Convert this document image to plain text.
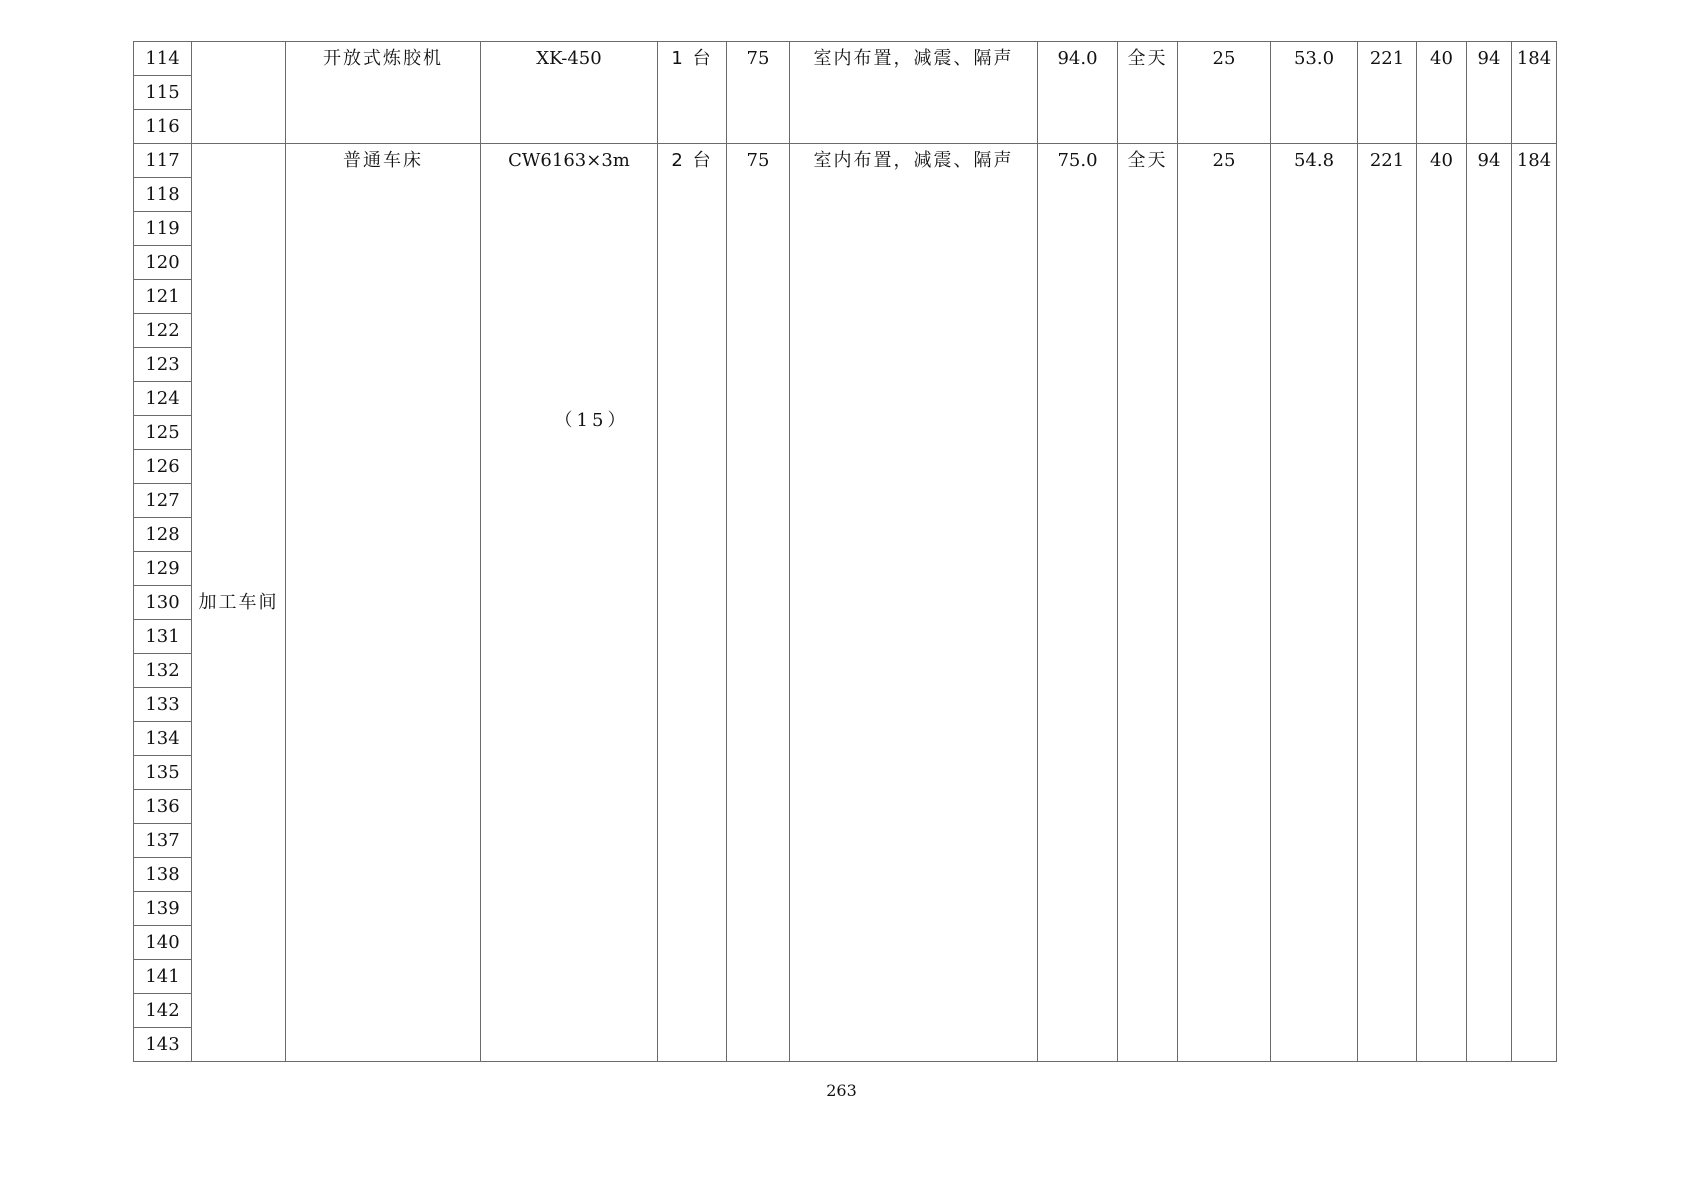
114		开放式炼胶机	XK-450	1 台	75	室内布置，减震、隔声	94.0	全天	25	53.0	221	40	94	184
115														
116														
117	加工车间	普通车床	CW6163×3m	2 台	75	室内布置，减震、隔声	75.0	全天	25	54.8	221	40	94	184
118														
119														
120														
121														
122														
123														
124														
125														
126														
127														
128														
129														
130														
131														
132														
133														
134														
135														
136														
137														
138														
139														
140														
141														
142														
143														
（15）
263
